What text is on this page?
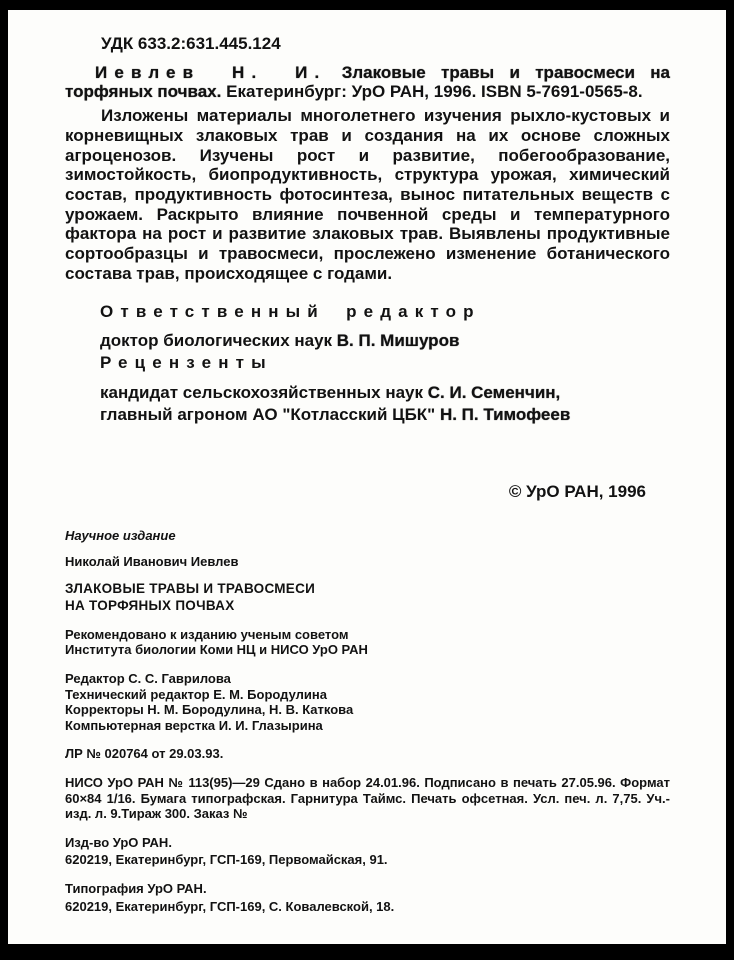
УДК 633.2:631.445.124

Иевлев Н. И. Злаковые травы и травосмеси на торфяных почвах. Екатеринбург: УрО РАН, 1996. ISBN 5-7691-0565-8.

Изложены материалы многолетнего изучения рыхло-кустовых и корневищных злаковых трав и создания на их основе сложных агроценозов. Изучены рост и развитие, побегообразование, зимостойкость, биопродуктивность, структура урожая, химический состав, продуктивность фотосинтеза, вынос питательных веществ с урожаем. Раскрыто влияние почвенной среды и температурного фактора на рост и развитие злаковых трав. Выявлены продуктивные сортообразцы и травосмеси, прослежено изменение ботанического состава трав, происходящее с годами.

Ответственный редактор
доктор биологических наук В. П. Мишуров
Рецензенты
кандидат сельскохозяйственных наук С. И. Семенчин,
главный агроном АО "Котласский ЦБК" Н. П. Тимофеев
© УрО РАН, 1996
Научное издание
Николай Иванович Иевлев
ЗЛАКОВЫЕ ТРАВЫ И ТРАВОСМЕСИ
НА ТОРФЯНЫХ ПОЧВАХ
Рекомендовано к изданию ученым советом
Института биологии Коми НЦ и НИСО УрО РАН
Редактор С. С. Гаврилова
Технический редактор Е. М. Бородулина
Корректоры Н. М. Бородулина, Н. В. Каткова
Компьютерная верстка И. И. Глазырина
ЛР № 020764 от 29.03.93.
НИСО УрО РАН № 113(95)—29 Сдано в набор 24.01.96. Подписано в печать 27.05.96. Формат 60×84 1/16. Бумага типографская. Гарнитура Таймс. Печать офсетная. Усл. печ. л. 7,75. Уч.-изд. л. 9.Тираж 300. Заказ №
Изд-во УрО РАН.
620219, Екатеринбург, ГСП-169, Первомайская, 91.
Типография УрО РАН.
620219, Екатеринбург, ГСП-169, С. Ковалевской, 18.
